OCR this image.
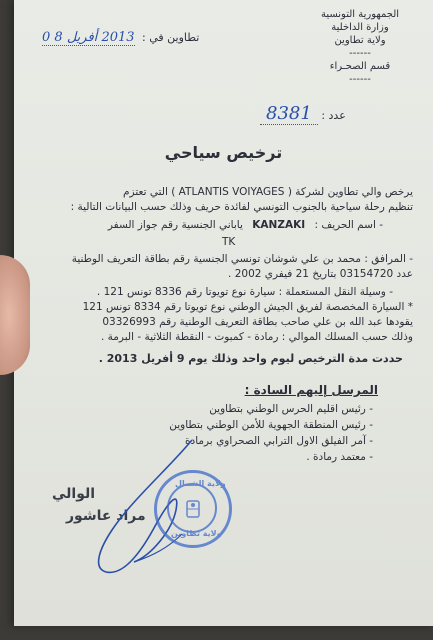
الجمهورية التونسية
وزارة الداخلية
ولاية تطاوين
------
قسم الصحـراء
------
تطاوين في : 2013 أفريل 8 0
عدد : 8381
ترخيص سياحي
يرخص والي تطاوين لشركة ( ATLANTIS VOIYAGES ) التي تعتزم
تنظيم رحلة سياحية بالجنوب التونسي لفائدة حريف وذلك حسب البيانات التالية :
- اسم الحريف : KANZAKI ياباني الجنسية رقم جواز السفر
TK
- المرافق : محمد بن علي شوشان تونسي الجنسية رقم بطاقة التعريف الوطنية
عدد 03154720 بتاريخ 21 فيفري 2002 .
- وسيلة النقل المستعملة : سيارة نوع تويوتا رقم 8336 تونس 121 .
* السيارة المخصصة لفريق الجيش الوطني نوع تويوتا رقم 8334 تونس 121
يقودها عبد الله بن علي صاحب بطاقة التعريف الوطنية رقم 03326993
وذلك حسب المسلك الموالي : رمادة - كمبوت - النقطة الثلاثية - البرمة .
حددت مدة الترخيص ليوم واحد وذلك يوم 9 أفريل 2013 .
المرسل إليهم السادة :
- رئيس اقليم الحرس الوطني بتطاوين
- رئيس المنطقة الجهوية للأمن الوطني بتطاوين
- آمر الفيلق الاول الترابي الصحراوي برمادة
- معتمد رمادة .
الوالي
مراد عاشور
ولاية الشمال
ولاية تطاوين
